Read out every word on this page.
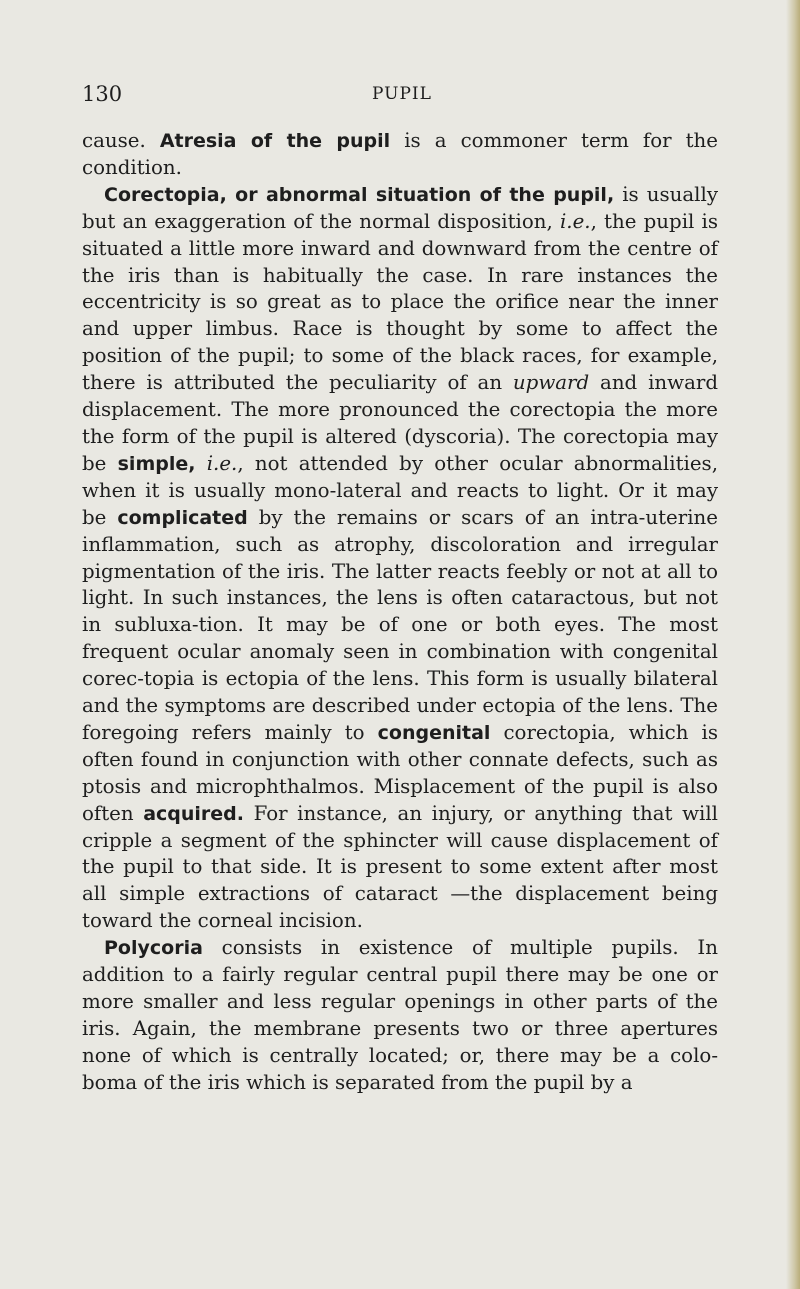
130	PUPIL

cause. Atresia of the pupil is a commoner term for the condition.

Corectopia, or abnormal situation of the pupil, is usually but an exaggeration of the normal disposition, i.e., the pupil is situated a little more inward and downward from the centre of the iris than is habitually the case. In rare instances the eccentricity is so great as to place the orifice near the inner and upper limbus. Race is thought by some to affect the position of the pupil; to some of the black races, for example, there is attributed the peculiarity of an upward and inward displacement. The more pronounced the corectopia the more the form of the pupil is altered (dyscoria). The corectopia may be simple, i.e., not attended by other ocular abnormalities, when it is usually mono-lateral and reacts to light. Or it may be complicated by the remains or scars of an intra-uterine inflammation, such as atrophy, discoloration and irregular pigmentation of the iris. The latter reacts feebly or not at all to light. In such instances, the lens is often cataractous, but not in subluxa-tion. It may be of one or both eyes. The most frequent ocular anomaly seen in combination with congenital corec-topia is ectopia of the lens. This form is usually bilateral and the symptoms are described under ectopia of the lens. The foregoing refers mainly to congenital corectopia, which is often found in conjunction with other connate defects, such as ptosis and microphthalmos. Misplacement of the pupil is also often acquired. For instance, an injury, or anything that will cripple a segment of the sphincter will cause displacement of the pupil to that side. It is present to some extent after most all simple extractions of cataract —the displacement being toward the corneal incision.

Polycoria consists in existence of multiple pupils. In addition to a fairly regular central pupil there may be one or more smaller and less regular openings in other parts of the iris. Again, the membrane presents two or three apertures none of which is centrally located; or, there may be a colo-boma of the iris which is separated from the pupil by a
